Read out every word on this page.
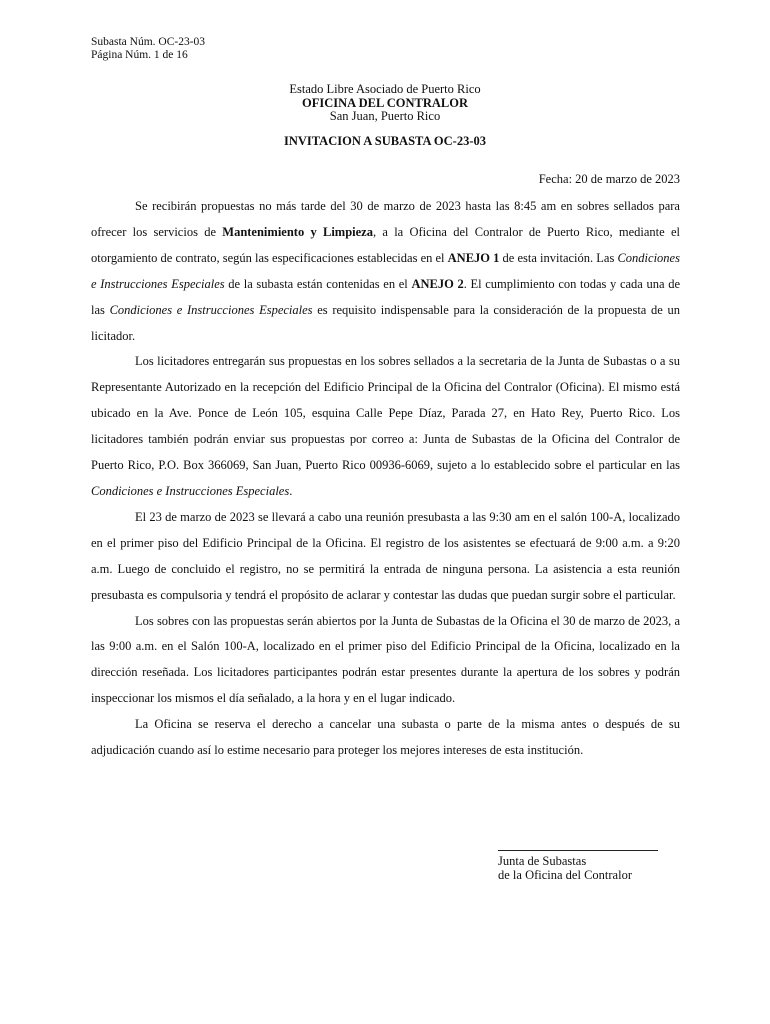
Subasta Núm. OC-23-03
Página Núm. 1 de 16
Estado Libre Asociado de Puerto Rico
OFICINA DEL CONTRALOR
San Juan, Puerto Rico
INVITACION A SUBASTA OC-23-03
Fecha: 20 de marzo de 2023

Se recibirán propuestas no más tarde del 30 de marzo de 2023 hasta las 8:45 am en sobres sellados para ofrecer los servicios de Mantenimiento y Limpieza, a la Oficina del Contralor de Puerto Rico, mediante el otorgamiento de contrato, según las especificaciones establecidas en el ANEJO 1 de esta invitación. Las Condiciones e Instrucciones Especiales de la subasta están contenidas en el ANEJO 2. El cumplimiento con todas y cada una de las Condiciones e Instrucciones Especiales es requisito indispensable para la consideración de la propuesta de un licitador.

Los licitadores entregarán sus propuestas en los sobres sellados a la secretaria de la Junta de Subastas o a su Representante Autorizado en la recepción del Edificio Principal de la Oficina del Contralor (Oficina). El mismo está ubicado en la Ave. Ponce de León 105, esquina Calle Pepe Díaz, Parada 27, en Hato Rey, Puerto Rico. Los licitadores también podrán enviar sus propuestas por correo a: Junta de Subastas de la Oficina del Contralor de Puerto Rico, P.O. Box 366069, San Juan, Puerto Rico 00936-6069, sujeto a lo establecido sobre el particular en las Condiciones e Instrucciones Especiales.

El 23 de marzo de 2023 se llevará a cabo una reunión presubasta a las 9:30 am en el salón 100-A, localizado en el primer piso del Edificio Principal de la Oficina. El registro de los asistentes se efectuará de 9:00 a.m. a 9:20 a.m. Luego de concluido el registro, no se permitirá la entrada de ninguna persona. La asistencia a esta reunión presubasta es compulsoria y tendrá el propósito de aclarar y contestar las dudas que puedan surgir sobre el particular.

Los sobres con las propuestas serán abiertos por la Junta de Subastas de la Oficina el 30 de marzo de 2023, a las 9:00 a.m. en el Salón 100-A, localizado en el primer piso del Edificio Principal de la Oficina, localizado en la dirección reseñada. Los licitadores participantes podrán estar presentes durante la apertura de los sobres y podrán inspeccionar los mismos el día señalado, a la hora y en el lugar indicado.

La Oficina se reserva el derecho a cancelar una subasta o parte de la misma antes o después de su adjudicación cuando así lo estime necesario para proteger los mejores intereses de esta institución.

Junta de Subastas
de la Oficina del Contralor
